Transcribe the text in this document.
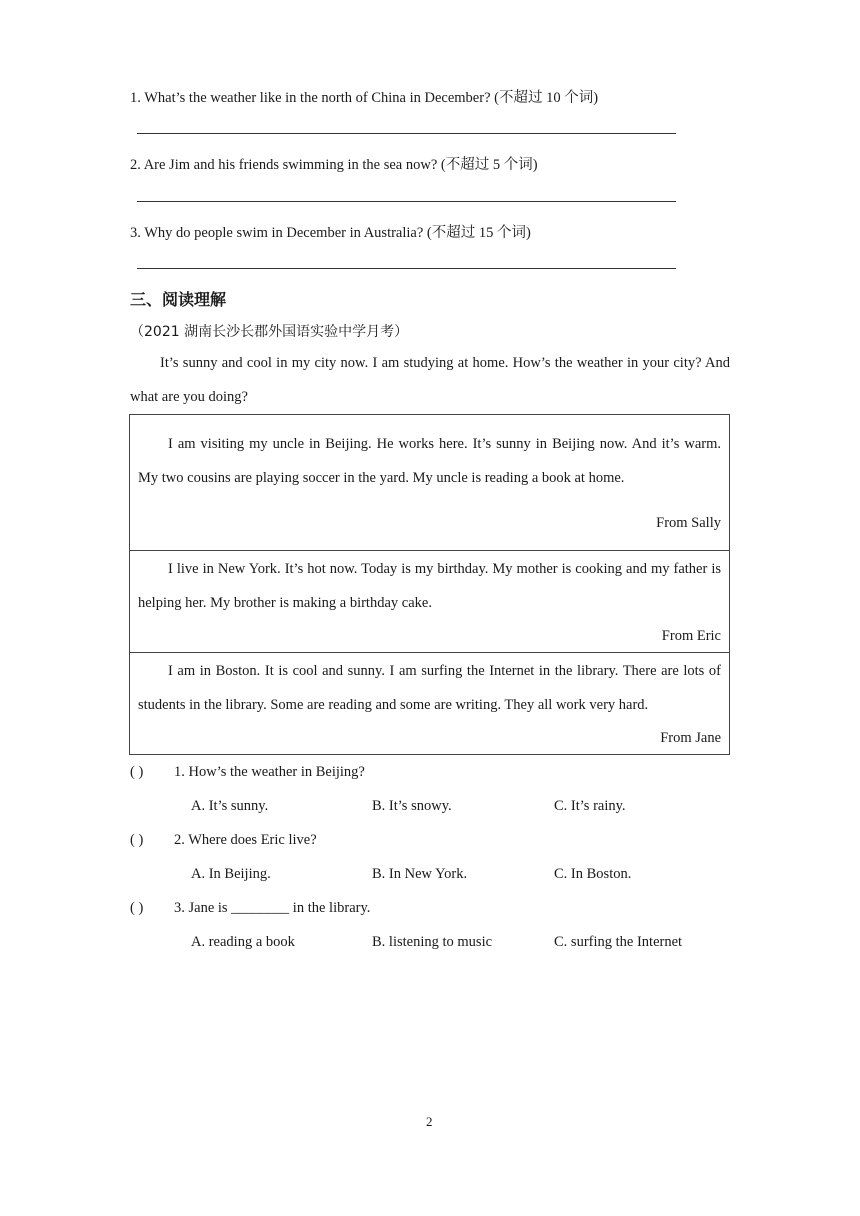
1. What’s the weather like in the north of China in December? (不超过 10 个词)
2. Are Jim and his friends swimming in the sea now? (不超过 5 个词)
3. Why do people swim in December in Australia? (不超过 15 个词)
三、阅读理解
（2021 湖南长沙长郡外国语实验中学月考）
It’s sunny and cool in my city now. I am studying at home. How’s the weather in your city? And what are you doing?
I am visiting my uncle in Beijing. He works here. It’s sunny in Beijing now. And it’s warm. My two cousins are playing soccer in the yard. My uncle is reading a book at home.
From Sally
I live in New York. It’s hot now. Today is my birthday. My mother is cooking and my father is helping her. My brother is making a birthday cake.
From Eric
I am in Boston. It is cool and sunny. I am surfing the Internet in the library. There are lots of students in the library. Some are reading and some are writing. They all work very hard.
From Jane
( ) 1. How’s the weather in Beijing?
A. It’s sunny.	B. It’s snowy.	C. It’s rainy.
( ) 2. Where does Eric live?
A. In Beijing.	B. In New York.	C. In Boston.
( ) 3. Jane is ________ in the library.
A. reading a book	B. listening to music	C. surfing the Internet
2
